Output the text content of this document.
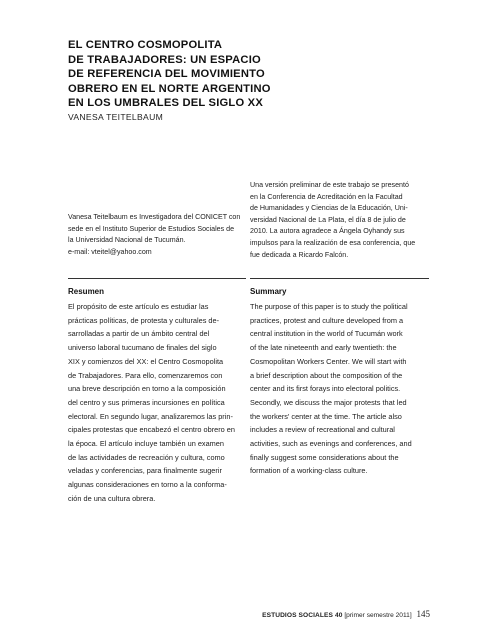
EL CENTRO COSMOPOLITA
DE TRABAJADORES: UN ESPACIO
DE REFERENCIA DEL MOVIMIENTO
OBRERO EN EL NORTE ARGENTINO
EN LOS UMBRALES DEL SIGLO XX
VANESA TEITELBAUM
Una versión preliminar de este trabajo se presentó
en la Conferencia de Acreditación en la Facultad
de Humanidades y Ciencias de la Educación, Uni-
versidad Nacional de La Plata, el día 8 de julio de
2010. La autora agradece a Ángela Oyhandy sus
impulsos para la realización de esa conferencia, que
fue dedicada a Ricardo Falcón.
Vanesa Teitelbaum es Investigadora del CONICET con
sede en el Instituto Superior de Estudios Sociales de
la Universidad Nacional de Tucumán.
e-mail: vteitel@yahoo.com
Resumen	Summary
El propósito de este artículo es estudiar las
prácticas políticas, de protesta y culturales de-
sarrolladas a partir de un ámbito central del
universo laboral tucumano de finales del siglo
XIX y comienzos del XX: el Centro Cosmopolita
de Trabajadores. Para ello, comenzaremos con
una breve descripción en torno a la composición
del centro y sus primeras incursiones en política
electoral. En segundo lugar, analizaremos las prin-
cipales protestas que encabezó el centro obrero en
la época. El artículo incluye también un examen
de las actividades de recreación y cultura, como
veladas y conferencias, para finalmente sugerir
algunas consideraciones en torno a la conforma-
ción de una cultura obrera.
The purpose of this paper is to study the political
practices, protest and culture developed from a
central institution in the world of Tucumán work
of the late nineteenth and early twentieth: the
Cosmopolitan Workers Center. We will start with
a brief description about the composition of the
center and its first forays into electoral politics.
Secondly, we discuss the major protests that led
the workers' center at the time. The article also
includes a review of recreational and cultural
activities, such as evenings and conferences, and
finally suggest some considerations about the
formation of a working-class culture.
ESTUDIOS SOCIALES 40 [primer semestre 2011] 145
